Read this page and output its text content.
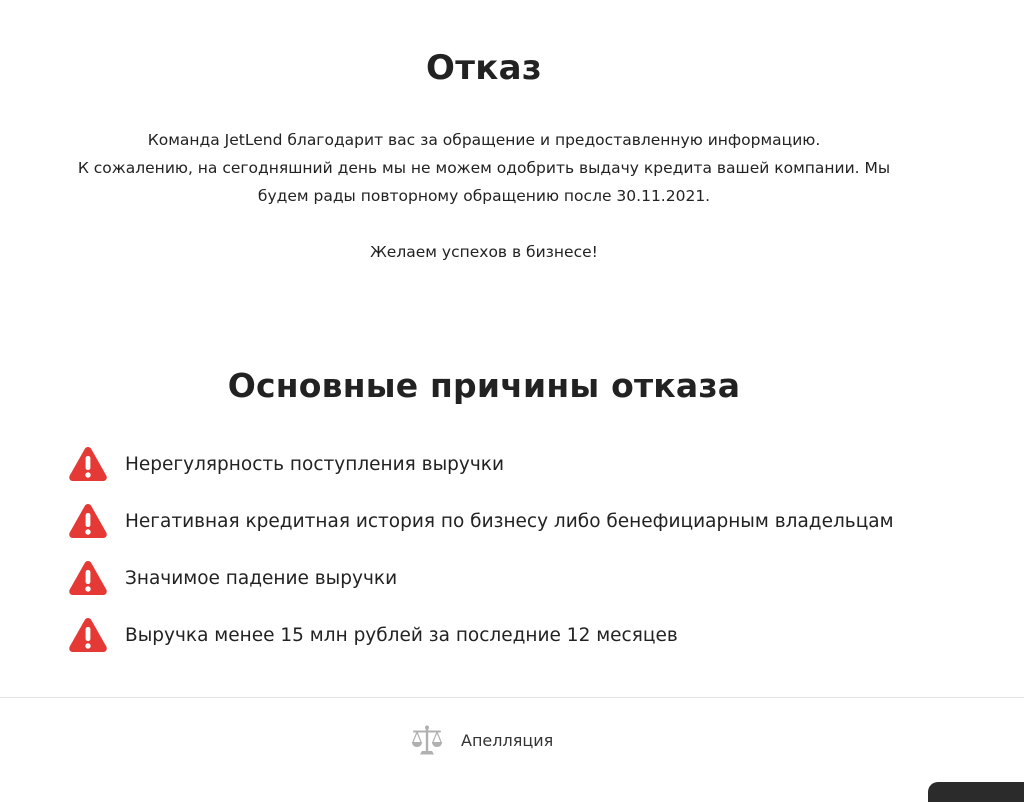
Отказ

Команда JetLend благодарит вас за обращение и предоставленную информацию.

К сожалению, на сегодняшний день мы не можем одобрить выдачу кредита вашей компании. Мы

будем рады повторному обращению после 30.11.2021.

Желаем успехов в бизнесе!

Основные причины отказа
Нерегулярность поступления выручки
Негативная кредитная история по бизнесу либо бенефициарным владельцам
Значимое падение выручки
Выручка менее 15 млн рублей за последние 12 месяцев
Апелляция
